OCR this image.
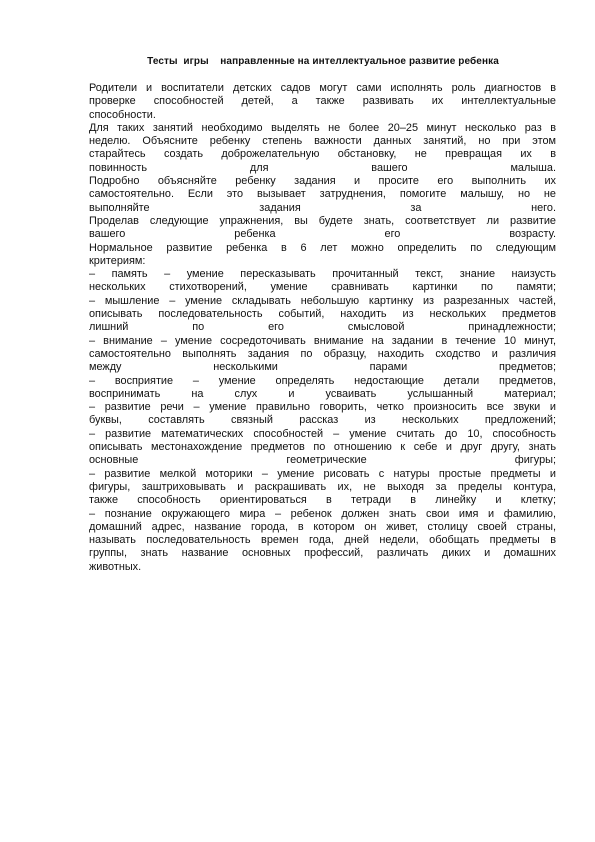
Тесты  игры    направленные на интеллектуальное развитие ребенка
Родители и воспитатели детских садов могут сами исполнять роль диагностов в
проверке способностей детей, а также развивать их интеллектуальные
способности.
Для таких занятий необходимо выделять не более 20–25 минут несколько раз в
неделю. Объясните ребенку степень важности данных занятий, но при этом
старайтесь создать доброжелательную обстановку, не превращая их в
повинность для вашего малыша.
Подробно объясняйте ребенку задания и просите его выполнить их
самостоятельно. Если это вызывает затруднения, помогите малышу, но не
выполняйте задания за него.
Проделав следующие упражнения, вы будете знать, соответствует ли развитие
вашего ребенка его возрасту.
Нормальное развитие ребенка в 6 лет можно определить по следующим
критериям:
– память – умение пересказывать прочитанный текст, знание наизусть
нескольких стихотворений, умение сравнивать картинки по памяти;
– мышление – умение складывать небольшую картинку из разрезанных частей,
описывать последовательность событий, находить из нескольких предметов
лишний по его смысловой принадлежности;
– внимание – умение сосредоточивать внимание на задании в течение 10 минут,
самостоятельно выполнять задания по образцу, находить сходство и различия
между несколькими парами предметов;
– восприятие – умение определять недостающие детали предметов,
воспринимать на слух и усваивать услышанный материал;
– развитие речи – умение правильно говорить, четко произносить все звуки и
буквы, составлять связный рассказ из нескольких предложений;
– развитие математических способностей – умение считать до 10, способность
описывать местонахождение предметов по отношению к себе и друг другу, знать
основные геометрические фигуры;
– развитие мелкой моторики – умение рисовать с натуры простые предметы и
фигуры, заштриховывать и раскрашивать их, не выходя за пределы контура,
также способность ориентироваться в тетради в линейку и клетку;
– познание окружающего мира – ребенок должен знать свои имя и фамилию,
домашний адрес, название города, в котором он живет, столицу своей страны,
называть последовательность времен года, дней недели, обобщать предметы в
группы, знать название основных профессий, различать диких и домашних
животных.
